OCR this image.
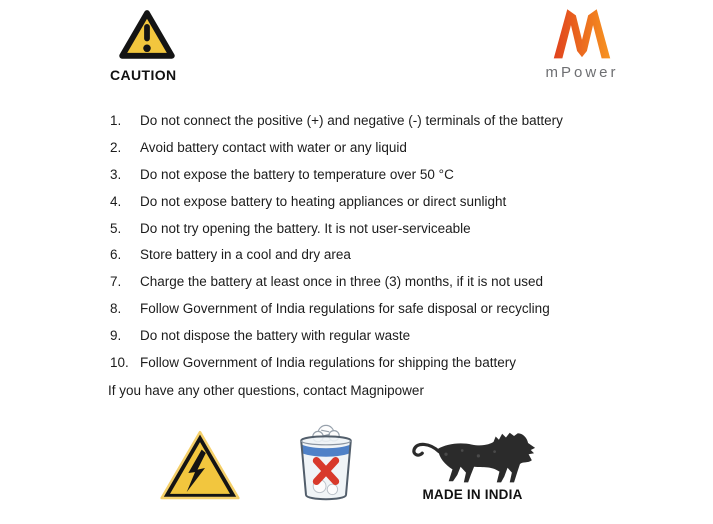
CAUTION	mPower
1.	Do not connect the positive (+) and negative (-) terminals of the battery
2.	Avoid battery contact with water or any liquid
3.	Do not expose the battery to temperature over 50 °C
4.	Do not expose battery to heating appliances or direct sunlight
5.	Do not try opening the battery. It is not user-serviceable
6.	Store battery in a cool and dry area
7.	Charge the battery at least once in three (3) months, if it is not used
8.	Follow Government of India regulations for safe disposal or recycling
9.	Do not dispose the battery with regular waste
10. Follow Government of India regulations for shipping the battery
If you have any other questions, contact Magnipower
MADE IN INDIA
